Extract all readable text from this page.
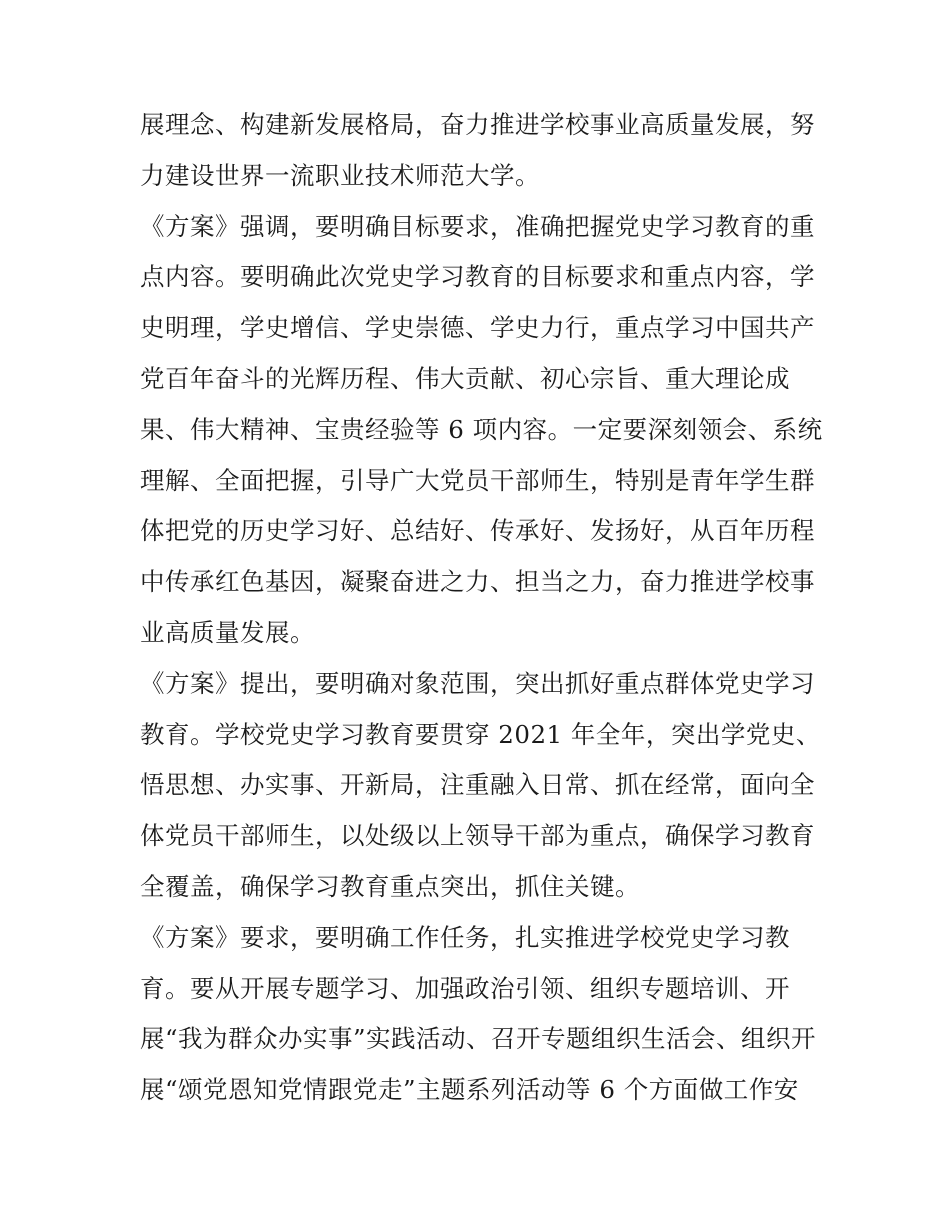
展理念、构建新发展格局，奋力推进学校事业高质量发展，努
力建设世界一流职业技术师范大学。
《方案》强调，要明确目标要求，准确把握党史学习教育的重
点内容。要明确此次党史学习教育的目标要求和重点内容，学
史明理，学史增信、学史崇德、学史力行，重点学习中国共产
党百年奋斗的光辉历程、伟大贡献、初心宗旨、重大理论成
果、伟大精神、宝贵经验等 6 项内容。一定要深刻领会、系统
理解、全面把握，引导广大党员干部师生，特别是青年学生群
体把党的历史学习好、总结好、传承好、发扬好，从百年历程
中传承红色基因，凝聚奋进之力、担当之力，奋力推进学校事
业高质量发展。
《方案》提出，要明确对象范围，突出抓好重点群体党史学习
教育。学校党史学习教育要贯穿 2021 年全年，突出学党史、
悟思想、办实事、开新局，注重融入日常、抓在经常，面向全
体党员干部师生，以处级以上领导干部为重点，确保学习教育
全覆盖，确保学习教育重点突出，抓住关键。
《方案》要求，要明确工作任务，扎实推进学校党史学习教
育。要从开展专题学习、加强政治引领、组织专题培训、开
展“我为群众办实事”实践活动、召开专题组织生活会、组织开
展“颂党恩知党情跟党走”主题系列活动等 6 个方面做工作安
